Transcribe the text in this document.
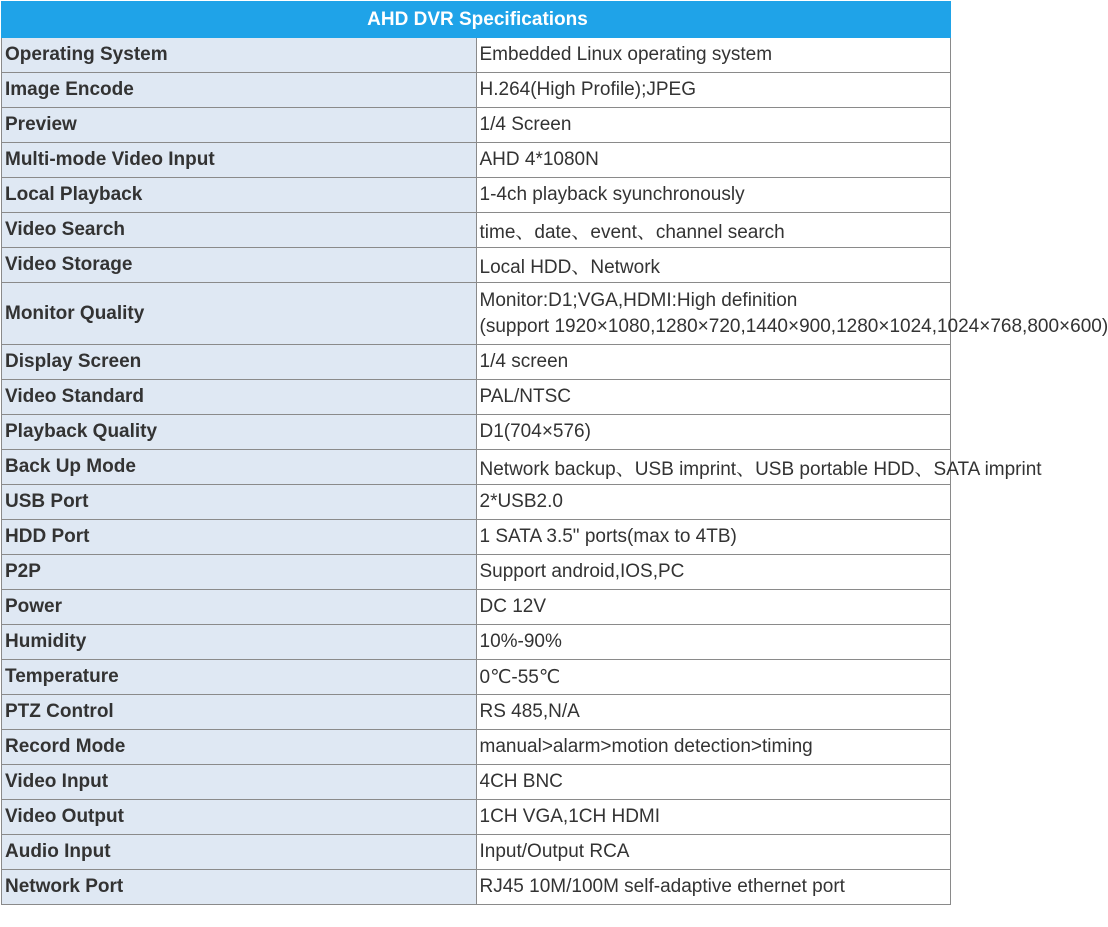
AHD DVR Specifications	
Operating System	Embedded Linux operating system
Image Encode	H.264(High Profile);JPEG
Preview	1/4 Screen
Multi-mode Video Input	AHD 4*1080N
Local Playback	1-4ch playback syunchronously
Video Search	time、date、event、channel search
Video Storage	Local HDD、Network
Monitor Quality	Monitor:D1;VGA,HDMI:High definition
(support 1920×1080,1280×720,1440×900,1280×1024,1024×768,800×600)

Display Screen	1/4 screen
Video Standard	PAL/NTSC
Playback Quality	D1(704×576)
Back Up Mode	Network backup、USB imprint、USB portable HDD、SATA imprint
USB Port	2*USB2.0
HDD Port	1 SATA 3.5" ports(max to 4TB)
P2P	Support android,IOS,PC
Power	DC 12V
Humidity	10%-90%
Temperature	0℃-55℃
PTZ Control	RS 485,N/A
Record Mode	manual>alarm>motion detection>timing
Video Input	4CH BNC
Video Output	1CH VGA,1CH HDMI
Audio Input	Input/Output RCA
Network Port	RJ45 10M/100M self-adaptive ethernet port
